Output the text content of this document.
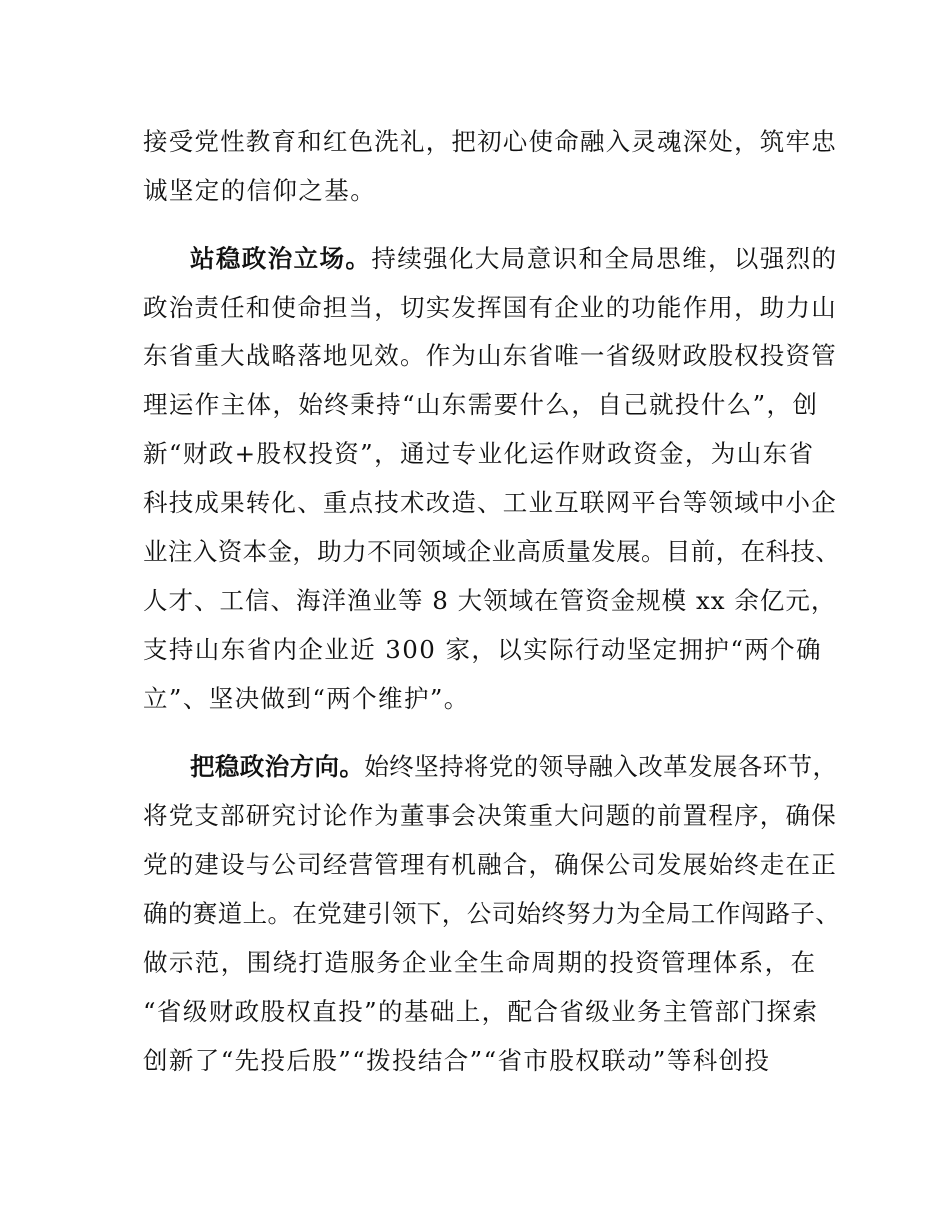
接受党性教育和红色洗礼，把初心使命融入灵魂深处，筑牢忠
诚坚定的信仰之基。
站稳政治立场。持续强化大局意识和全局思维，以强烈的
政治责任和使命担当，切实发挥国有企业的功能作用，助力山
东省重大战略落地见效。作为山东省唯一省级财政股权投资管
理运作主体，始终秉持“山东需要什么，自己就投什么”，创
新“财政+股权投资”，通过专业化运作财政资金，为山东省
科技成果转化、重点技术改造、工业互联网平台等领域中小企
业注入资本金，助力不同领域企业高质量发展。目前，在科技、
人才、工信、海洋渔业等 8 大领域在管资金规模 xx 余亿元，
支持山东省内企业近 300 家，以实际行动坚定拥护“两个确
立”、坚决做到“两个维护”。
把稳政治方向。始终坚持将党的领导融入改革发展各环节，
将党支部研究讨论作为董事会决策重大问题的前置程序，确保
党的建设与公司经营管理有机融合，确保公司发展始终走在正
确的赛道上。在党建引领下，公司始终努力为全局工作闯路子、
做示范，围绕打造服务企业全生命周期的投资管理体系，在
“省级财政股权直投”的基础上，配合省级业务主管部门探索
创新了“先投后股”“拨投结合”“省市股权联动”等科创投
